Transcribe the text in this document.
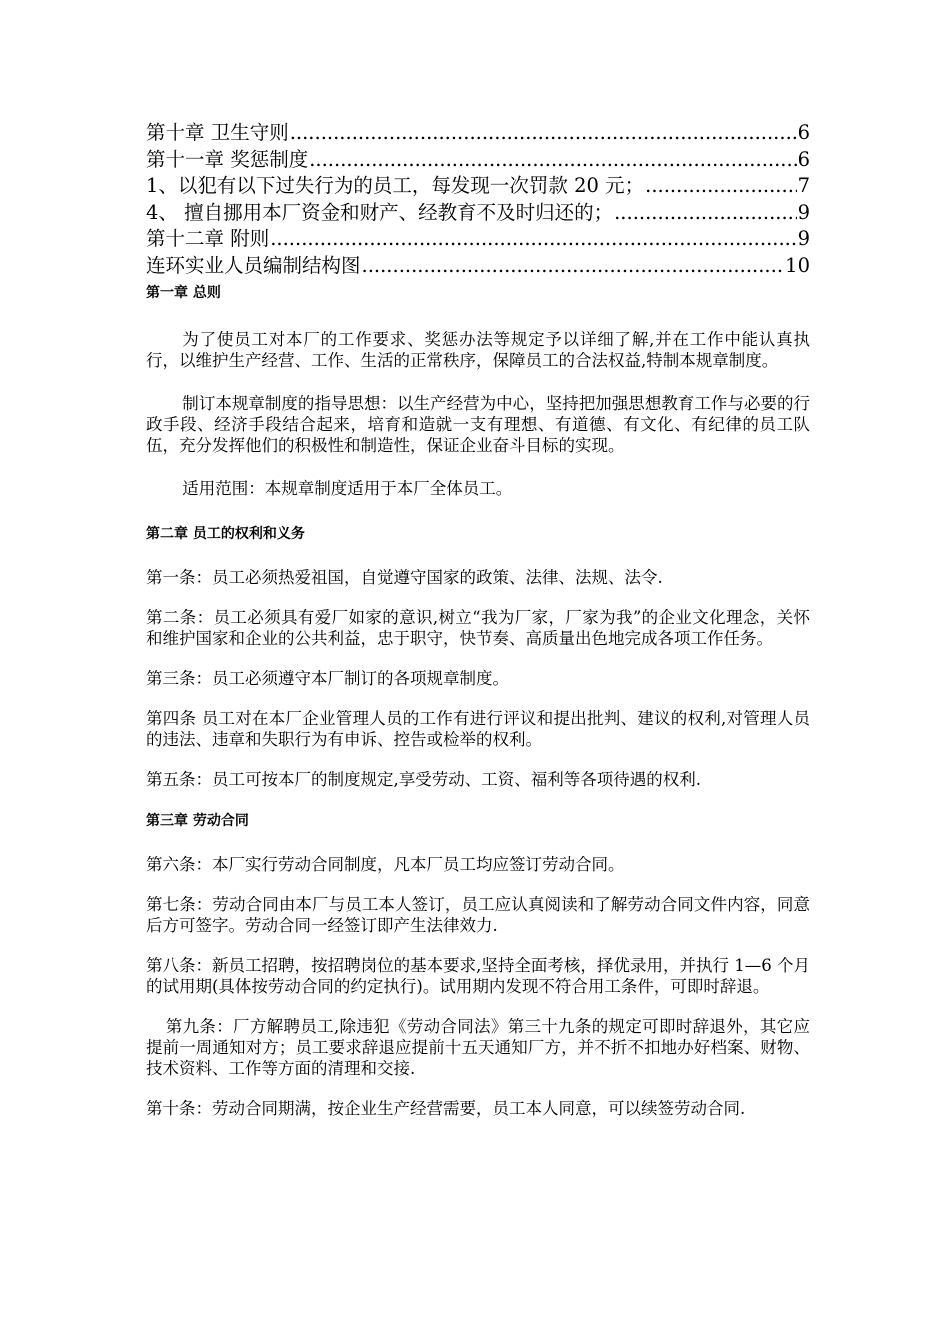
第十章 卫生守则 .....	6
第十一章 奖惩制度 .....	6
1、以犯有以下过失行为的员工，每发现一次罚款 20 元； .....	7
4、 擅自挪用本厂资金和财产、经教育不及时归还的； .....	9
第十二章 附则 .....	9
连环实业人员编制结构图 .....	10
第一章 总则

为了使员工对本厂的工作要求、奖惩办法等规定予以详细了解,并在工作中能认真执行，以维护生产经营、工作、生活的正常秩序，保障员工的合法权益,特制本规章制度。

制订本规章制度的指导思想：以生产经营为中心，坚持把加强思想教育工作与必要的行政手段、经济手段结合起来，培育和造就一支有理想、有道德、有文化、有纪律的员工队伍，充分发挥他们的积极性和制造性，保证企业奋斗目标的实现。

适用范围：本规章制度适用于本厂全体员工。

第二章 员工的权利和义务

第一条：员工必须热爱祖国，自觉遵守国家的政策、法律、法规、法令.

第二条：员工必须具有爱厂如家的意识,树立“我为厂家，厂家为我”的企业文化理念，关怀和维护国家和企业的公共利益，忠于职守，快节奏、高质量出色地完成各项工作任务。

第三条：员工必须遵守本厂制订的各项规章制度。

第四条 员工对在本厂企业管理人员的工作有进行评议和提出批判、建议的权利,对管理人员的违法、违章和失职行为有申诉、控告或检举的权利。

第五条：员工可按本厂的制度规定,享受劳动、工资、福利等各项待遇的权利.

第三章 劳动合同

第六条：本厂实行劳动合同制度，凡本厂员工均应签订劳动合同。

第七条：劳动合同由本厂与员工本人签订，员工应认真阅读和了解劳动合同文件内容，同意后方可签字。劳动合同一经签订即产生法律效力.

第八条：新员工招聘，按招聘岗位的基本要求,坚持全面考核，择优录用，并执行 1—6 个月的试用期(具体按劳动合同的约定执行)。试用期内发现不符合用工条件，可即时辞退。

第九条：厂方解聘员工,除违犯《劳动合同法》第三十九条的规定可即时辞退外，其它应提前一周通知对方；员工要求辞退应提前十五天通知厂方，并不折不扣地办好档案、财物、技术资料、工作等方面的清理和交接.

第十条：劳动合同期满，按企业生产经营需要，员工本人同意，可以续签劳动合同.
